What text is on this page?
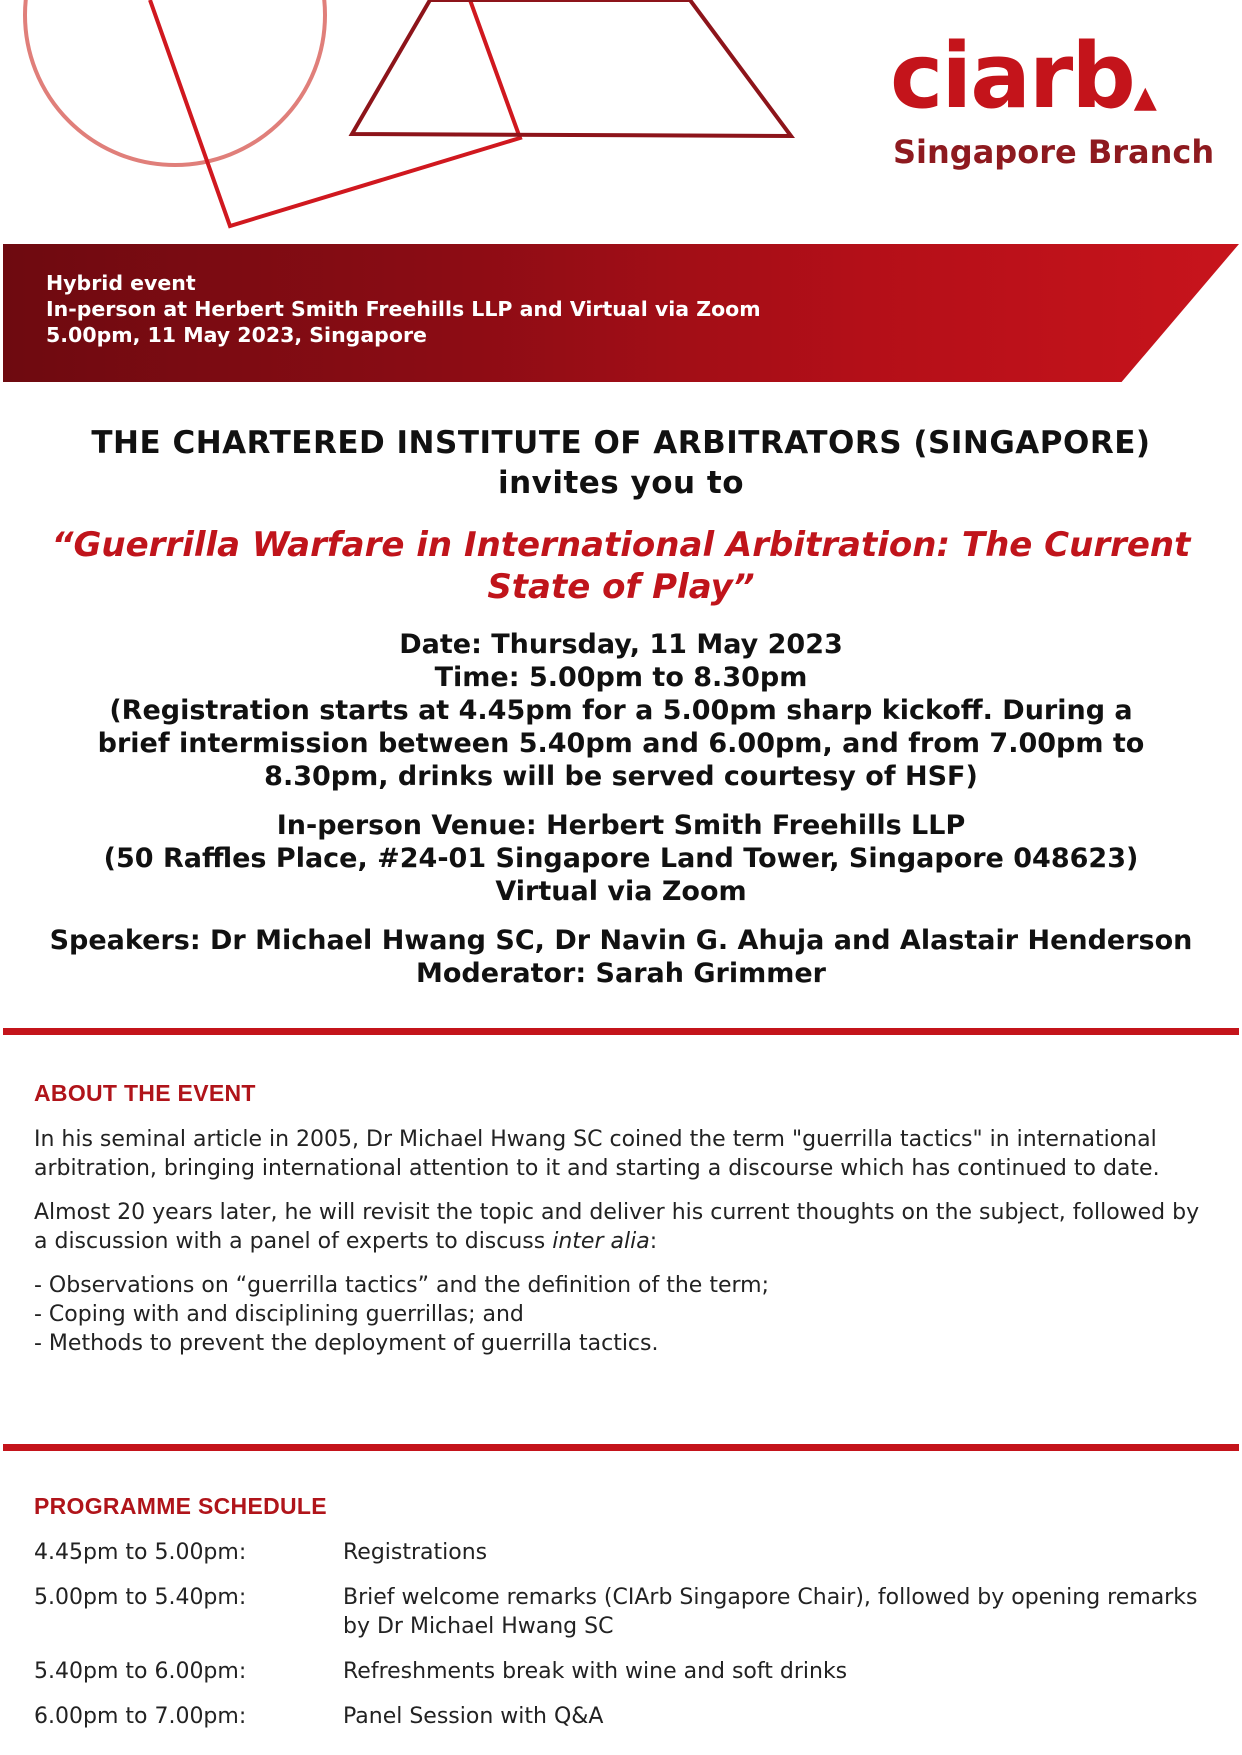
ciarb▲
Singapore Branch
Hybrid event
In-person at Herbert Smith Freehills LLP and Virtual via Zoom
5.00pm, 11 May 2023, Singapore
THE CHARTERED INSTITUTE OF ARBITRATORS (SINGAPORE)
invites you to
“Guerrilla Warfare in International Arbitration: The Current State of Play”
Date: Thursday, 11 May 2023
Time: 5.00pm to 8.30pm
(Registration starts at 4.45pm for a 5.00pm sharp kickoff. During a brief intermission between 5.40pm and 6.00pm, and from 7.00pm to 8.30pm, drinks will be served courtesy of HSF)
In-person Venue: Herbert Smith Freehills LLP
(50 Raffles Place, #24-01 Singapore Land Tower, Singapore 048623)
Virtual via Zoom
Speakers: Dr Michael Hwang SC, Dr Navin G. Ahuja and Alastair Henderson
Moderator: Sarah Grimmer
ABOUT THE EVENT

In his seminal article in 2005, Dr Michael Hwang SC coined the term "guerrilla tactics" in international arbitration, bringing international attention to it and starting a discourse which has continued to date.

Almost 20 years later, he will revisit the topic and deliver his current thoughts on the subject, followed by a discussion with a panel of experts to discuss inter alia:

- Observations on “guerrilla tactics” and the definition of the term;
- Coping with and disciplining guerrillas; and
- Methods to prevent the deployment of guerrilla tactics.
PROGRAMME SCHEDULE
4.45pm to 5.00pm:	Registrations
5.00pm to 5.40pm:	Brief welcome remarks (CIArb Singapore Chair), followed by opening remarks by Dr Michael Hwang SC
5.40pm to 6.00pm:	Refreshments break with wine and soft drinks
6.00pm to 7.00pm:	Panel Session with Q&A
